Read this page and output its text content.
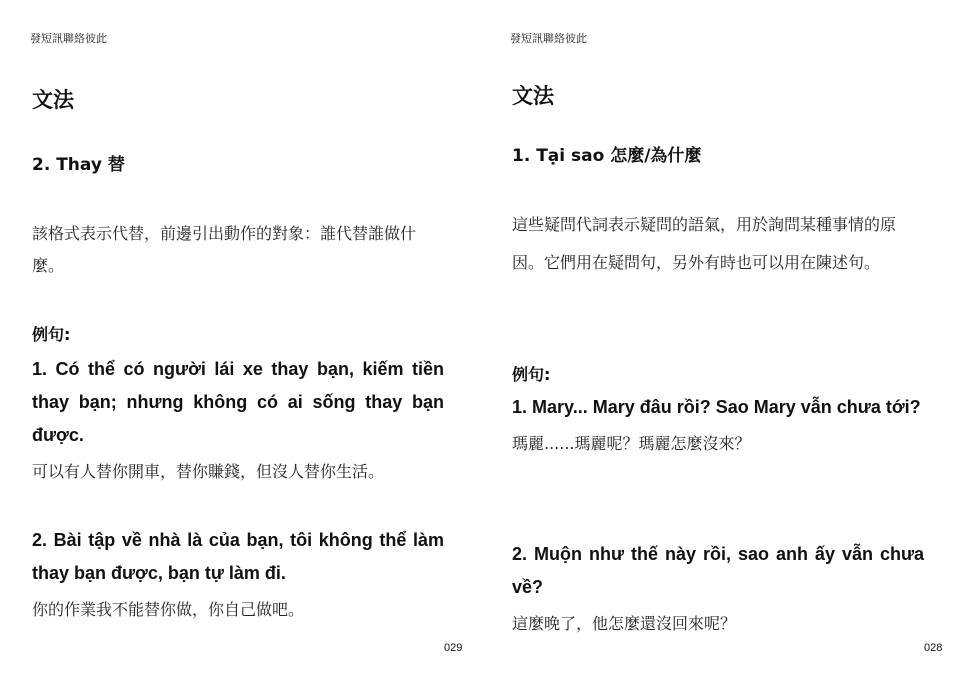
發短訊聯絡彼此
文法
2. Thay 替

該格式表示代替，前邊引出動作的對象：誰代替誰做什麼。

例句:

1. Có thể có người lái xe thay bạn, kiếm tiền thay bạn; nhưng không có ai sống thay bạn được.

可以有人替你開車，替你賺錢，但沒人替你生活。

2. Bài tập về nhà là của bạn, tôi không thể làm thay bạn được, bạn tự làm đi.

你的作業我不能替你做，你自己做吧。

029
發短訊聯絡彼此
文法
1. Tại sao 怎麼/為什麼

這些疑問代詞表示疑問的語氣，用於詢問某種事情的原因。它們用在疑問句，另外有時也可以用在陳述句。

例句:

1. Mary... Mary đâu rồi? Sao Mary vẫn chưa tới?

瑪麗......瑪麗呢？瑪麗怎麼沒來？

2. Muộn như thế này rồi, sao anh ấy vẫn chưa về?

這麼晚了，他怎麼還沒回來呢？

028
